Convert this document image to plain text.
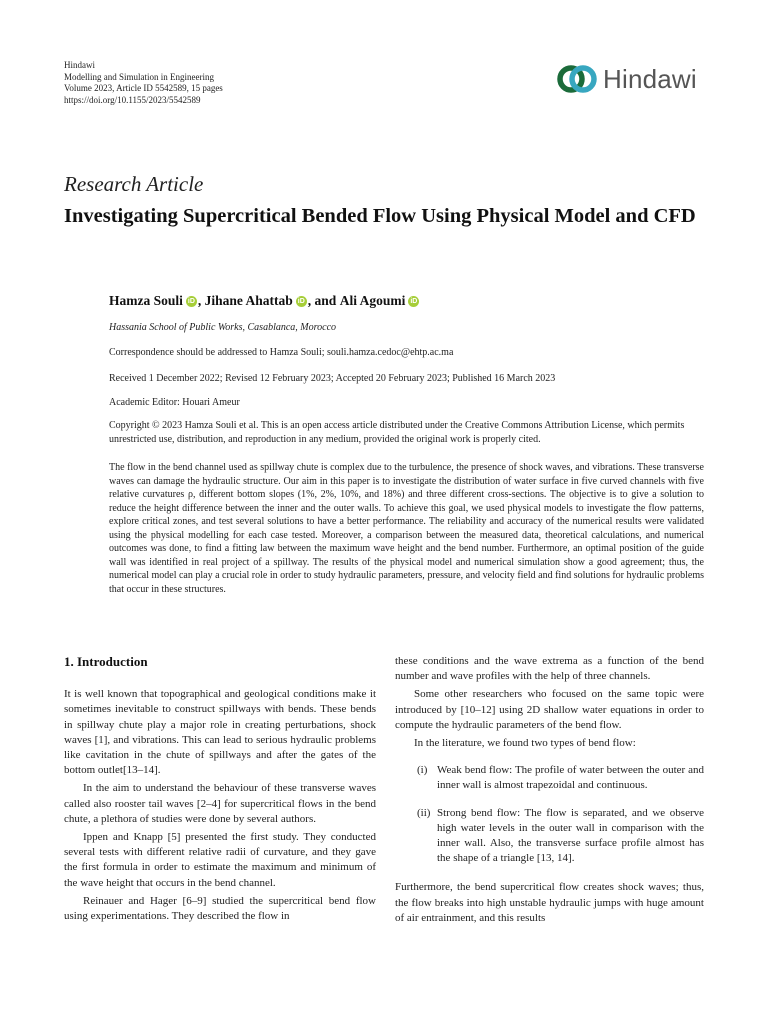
Hindawi
Modelling and Simulation in Engineering
Volume 2023, Article ID 5542589, 15 pages
https://doi.org/10.1155/2023/5542589
Hindawi
Research Article
Investigating Supercritical Bended Flow Using Physical Model and CFD
Hamza Souli iD , Jihane Ahattab iD , and Ali Agoumi iD
Hassania School of Public Works, Casablanca, Morocco
Correspondence should be addressed to Hamza Souli; souli.hamza.cedoc@ehtp.ac.ma
Received 1 December 2022; Revised 12 February 2023; Accepted 20 February 2023; Published 16 March 2023
Academic Editor: Houari Ameur
Copyright © 2023 Hamza Souli et al. This is an open access article distributed under the Creative Commons Attribution License, which permits unrestricted use, distribution, and reproduction in any medium, provided the original work is properly cited.
The flow in the bend channel used as spillway chute is complex due to the turbulence, the presence of shock waves, and vibrations. These transverse waves can damage the hydraulic structure. Our aim in this paper is to investigate the distribution of water surface in five curved channels with five relative curvatures ρ, different bottom slopes (1%, 2%, 10%, and 18%) and three different cross-sections. The objective is to give a solution to reduce the height difference between the inner and the outer walls. To achieve this goal, we used physical models to investigate the flow patterns, explore critical zones, and test several solutions to have a better performance. The reliability and accuracy of the numerical results were validated using the physical modelling for each case tested. Moreover, a comparison between the measured data, theoretical calculations, and numerical outcomes was done, to find a fitting law between the maximum wave height and the bend number. Furthermore, an optimal position of the guide wall was identified in real project of a spillway. The results of the physical model and numerical simulation show a good agreement; thus, the numerical model can play a crucial role in order to study hydraulic parameters, pressure, and velocity field and find solutions for hydraulic problems that occur in these structures.
1. Introduction

It is well known that topographical and geological conditions make it sometimes inevitable to construct spillways with bends. These bends in spillway chute play a major role in creating perturbations, shock waves [1], and vibrations. This can lead to serious hydraulic problems like cavitation in the chute of spillways and after the gates of the bottom outlet[13–14].

In the aim to understand the behaviour of these transverse waves called also rooster tail waves [2–4] for supercritical flows in the bend chute, a plethora of studies were done by several authors.

Ippen and Knapp [5] presented the first study. They conducted several tests with different relative radii of curvature, and they gave the first formula in order to estimate the maximum and minimum of the wave height that occurs in the bend channel.

Reinauer and Hager [6–9] studied the supercritical bend flow using experimentations. They described the flow in

these conditions and the wave extrema as a function of the bend number and wave profiles with the help of three channels.

Some other researchers who focused on the same topic were introduced by [10–12] using 2D shallow water equations in order to compute the hydraulic parameters of the bend flow.

In the literature, we found two types of bend flow:

(i) Weak bend flow: The profile of water between the outer and inner wall is almost trapezoidal and continuous.
(ii) Strong bend flow: The flow is separated, and we observe high water levels in the outer wall in comparison with the inner wall. Also, the transverse surface profile almost has the shape of a triangle [13, 14].

Furthermore, the bend supercritical flow creates shock waves; thus, the flow breaks into high unstable hydraulic jumps with huge amount of air entrainment, and this results
